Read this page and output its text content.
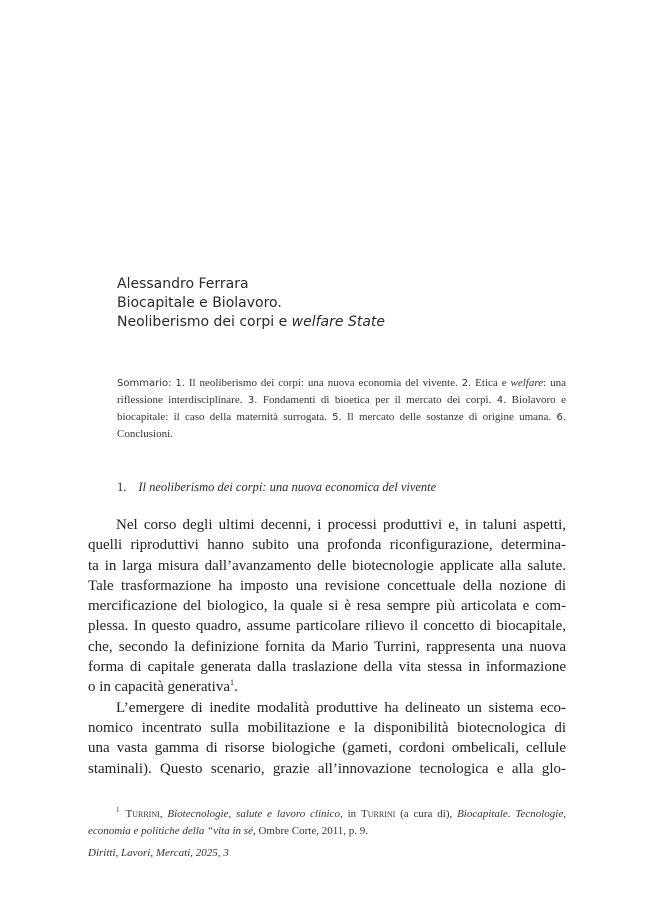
Alessandro Ferrara
Biocapitale e Biolavoro.
Neoliberismo dei corpi e welfare State
Sommario: 1. Il neoliberismo dei corpi: una nuova economia del vivente. 2. Etica e welfare: una riflessione interdisciplinare. 3. Fondamenti di bioetica per il mercato dei corpi. 4. Biolavoro e biocapitale: il caso della maternità surrogata. 5. Il mercato delle sostanze di origine umana. 6. Conclusioni.
1. Il neoliberismo dei corpi: una nuova economica del vivente
Nel corso degli ultimi decenni, i processi produttivi e, in taluni aspetti,
quelli riproduttivi hanno subito una profonda riconfigurazione, determina-
ta in larga misura dall’avanzamento delle biotecnologie applicate alla salute.
Tale trasformazione ha imposto una revisione concettuale della nozione di
mercificazione del biologico, la quale si è resa sempre più articolata e com-
plessa. In questo quadro, assume particolare rilievo il concetto di biocapitale,
che, secondo la definizione fornita da Mario Turrini, rappresenta una nuova
forma di capitale generata dalla traslazione della vita stessa in informazione
o in capacità generativa$^1$.
L’emergere di inedite modalità produttive ha delineato un sistema eco-
nomico incentrato sulla mobilitazione e la disponibilità biotecnologica di
una vasta gamma di risorse biologiche (gameti, cordoni ombelicali, cellule
staminali). Questo scenario, grazie all’innovazione tecnologica e alla glo-
$^1$ Turrini, Biotecnologie, salute e lavoro clinico, in Turrini (a cura di), Biocapitale. Tecnologie,
economia e politiche della “vita in sé, Ombre Corte, 2011, p. 9.
Diritti, Lavori, Mercati, 2025, 3
